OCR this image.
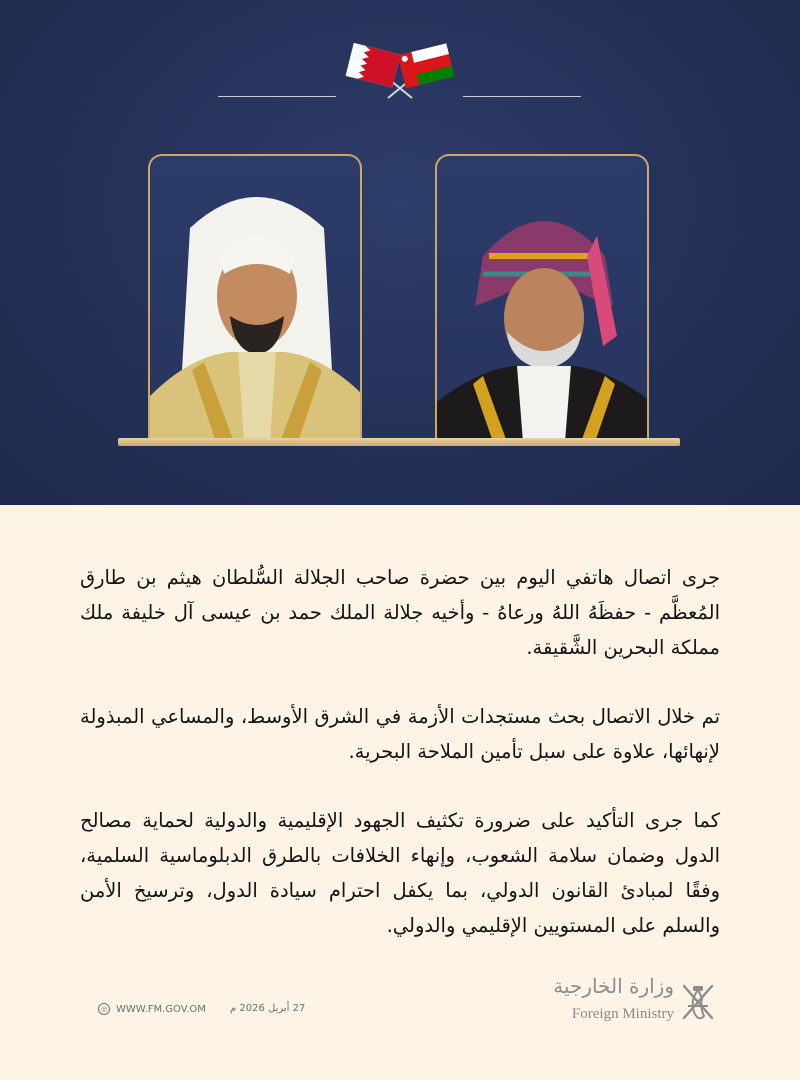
جرى اتصال هاتفي اليوم بين حضرة صاحب الجلالة السُّلطان هيثم بن طارق المُعظَّم - حفظَهُ اللهُ ورعاهُ - وأخيه جلالة الملك حمد بن عيسى آل خليفة ملك مملكة البحرين الشَّقيقة.

تم خلال الاتصال بحث مستجدات الأزمة في الشرق الأوسط، والمساعي المبذولة لإنهائها، علاوة على سبل تأمين الملاحة البحرية.

كما جرى التأكيد على ضرورة تكثيف الجهود الإقليمية والدولية لحماية مصالح الدول وضمان سلامة الشعوب، وإنهاء الخلافات بالطرق الدبلوماسية السلمية، وفقًا لمبادئ القانون الدولي، بما يكفل احترام سيادة الدول، وترسيخ الأمن والسلم على المستويين الإقليمي والدولي.

◎ WWW.FM.GOV.OM 27 أبريل 2026 م
وزارة الخارجية
Foreign Ministry
